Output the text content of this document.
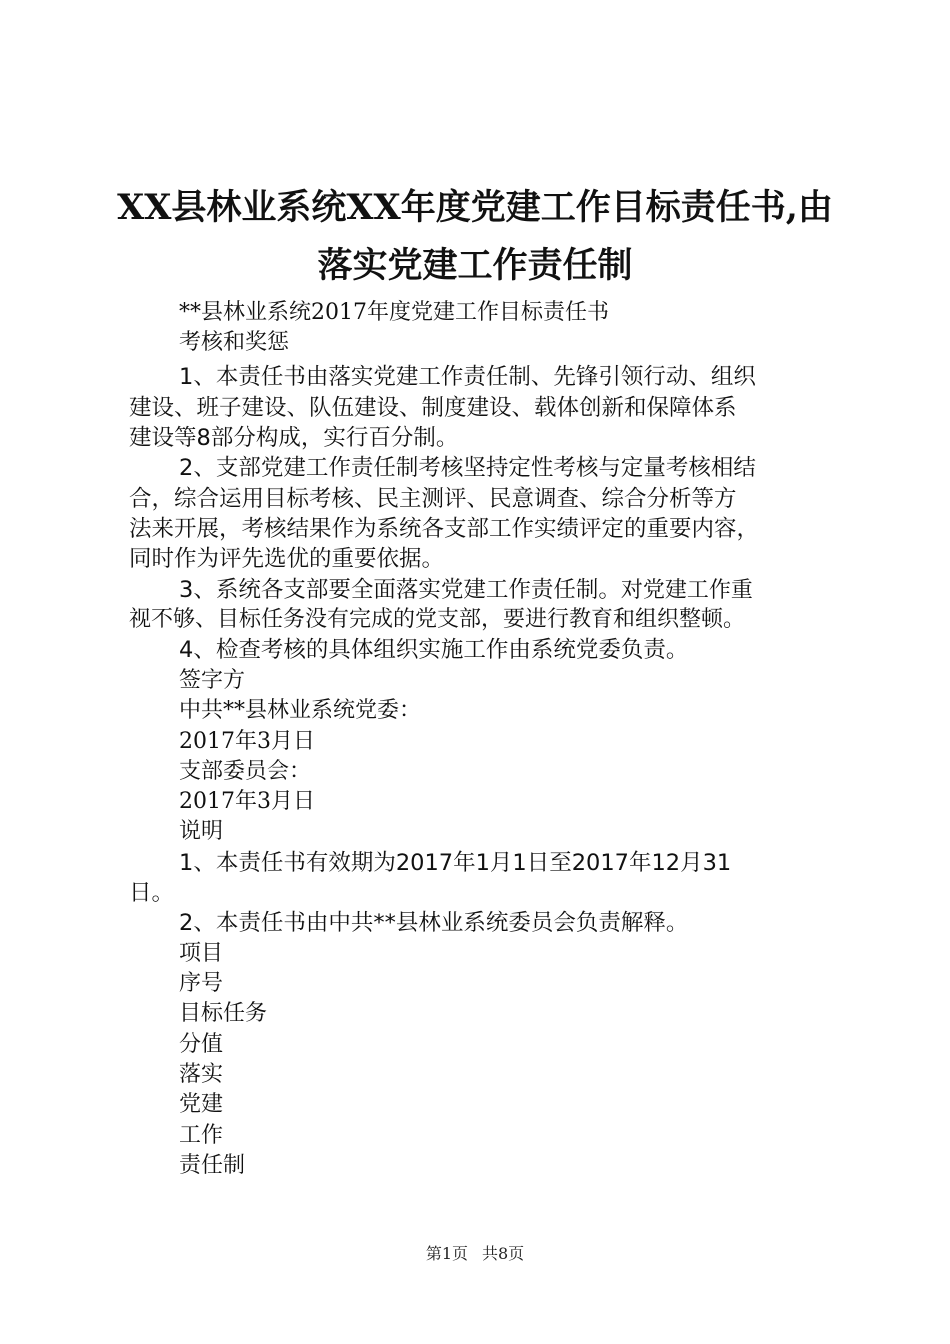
XX县林业系统XX年度党建工作目标责任书,由
落实党建工作责任制
**县林业系统2017年度党建工作目标责任书
考核和奖惩
1、本责任书由落实党建工作责任制、先锋引领行动、组织
建设、班子建设、队伍建设、制度建设、载体创新和保障体系
建设等8部分构成，实行百分制。
2、支部党建工作责任制考核坚持定性考核与定量考核相结
合，综合运用目标考核、民主测评、民意调查、综合分析等方
法来开展，考核结果作为系统各支部工作实绩评定的重要内容，
同时作为评先选优的重要依据。
3、系统各支部要全面落实党建工作责任制。对党建工作重
视不够、目标任务没有完成的党支部，要进行教育和组织整顿。
4、检查考核的具体组织实施工作由系统党委负责。
签字方
中共**县林业系统党委：
2017年3月日
支部委员会：
2017年3月日
说明
1、本责任书有效期为2017年1月1日至2017年12月31
日。
2、本责任书由中共**县林业系统委员会负责解释。
项目
序号
目标任务
分值
落实
党建
工作
责任制
第1页 共8页
